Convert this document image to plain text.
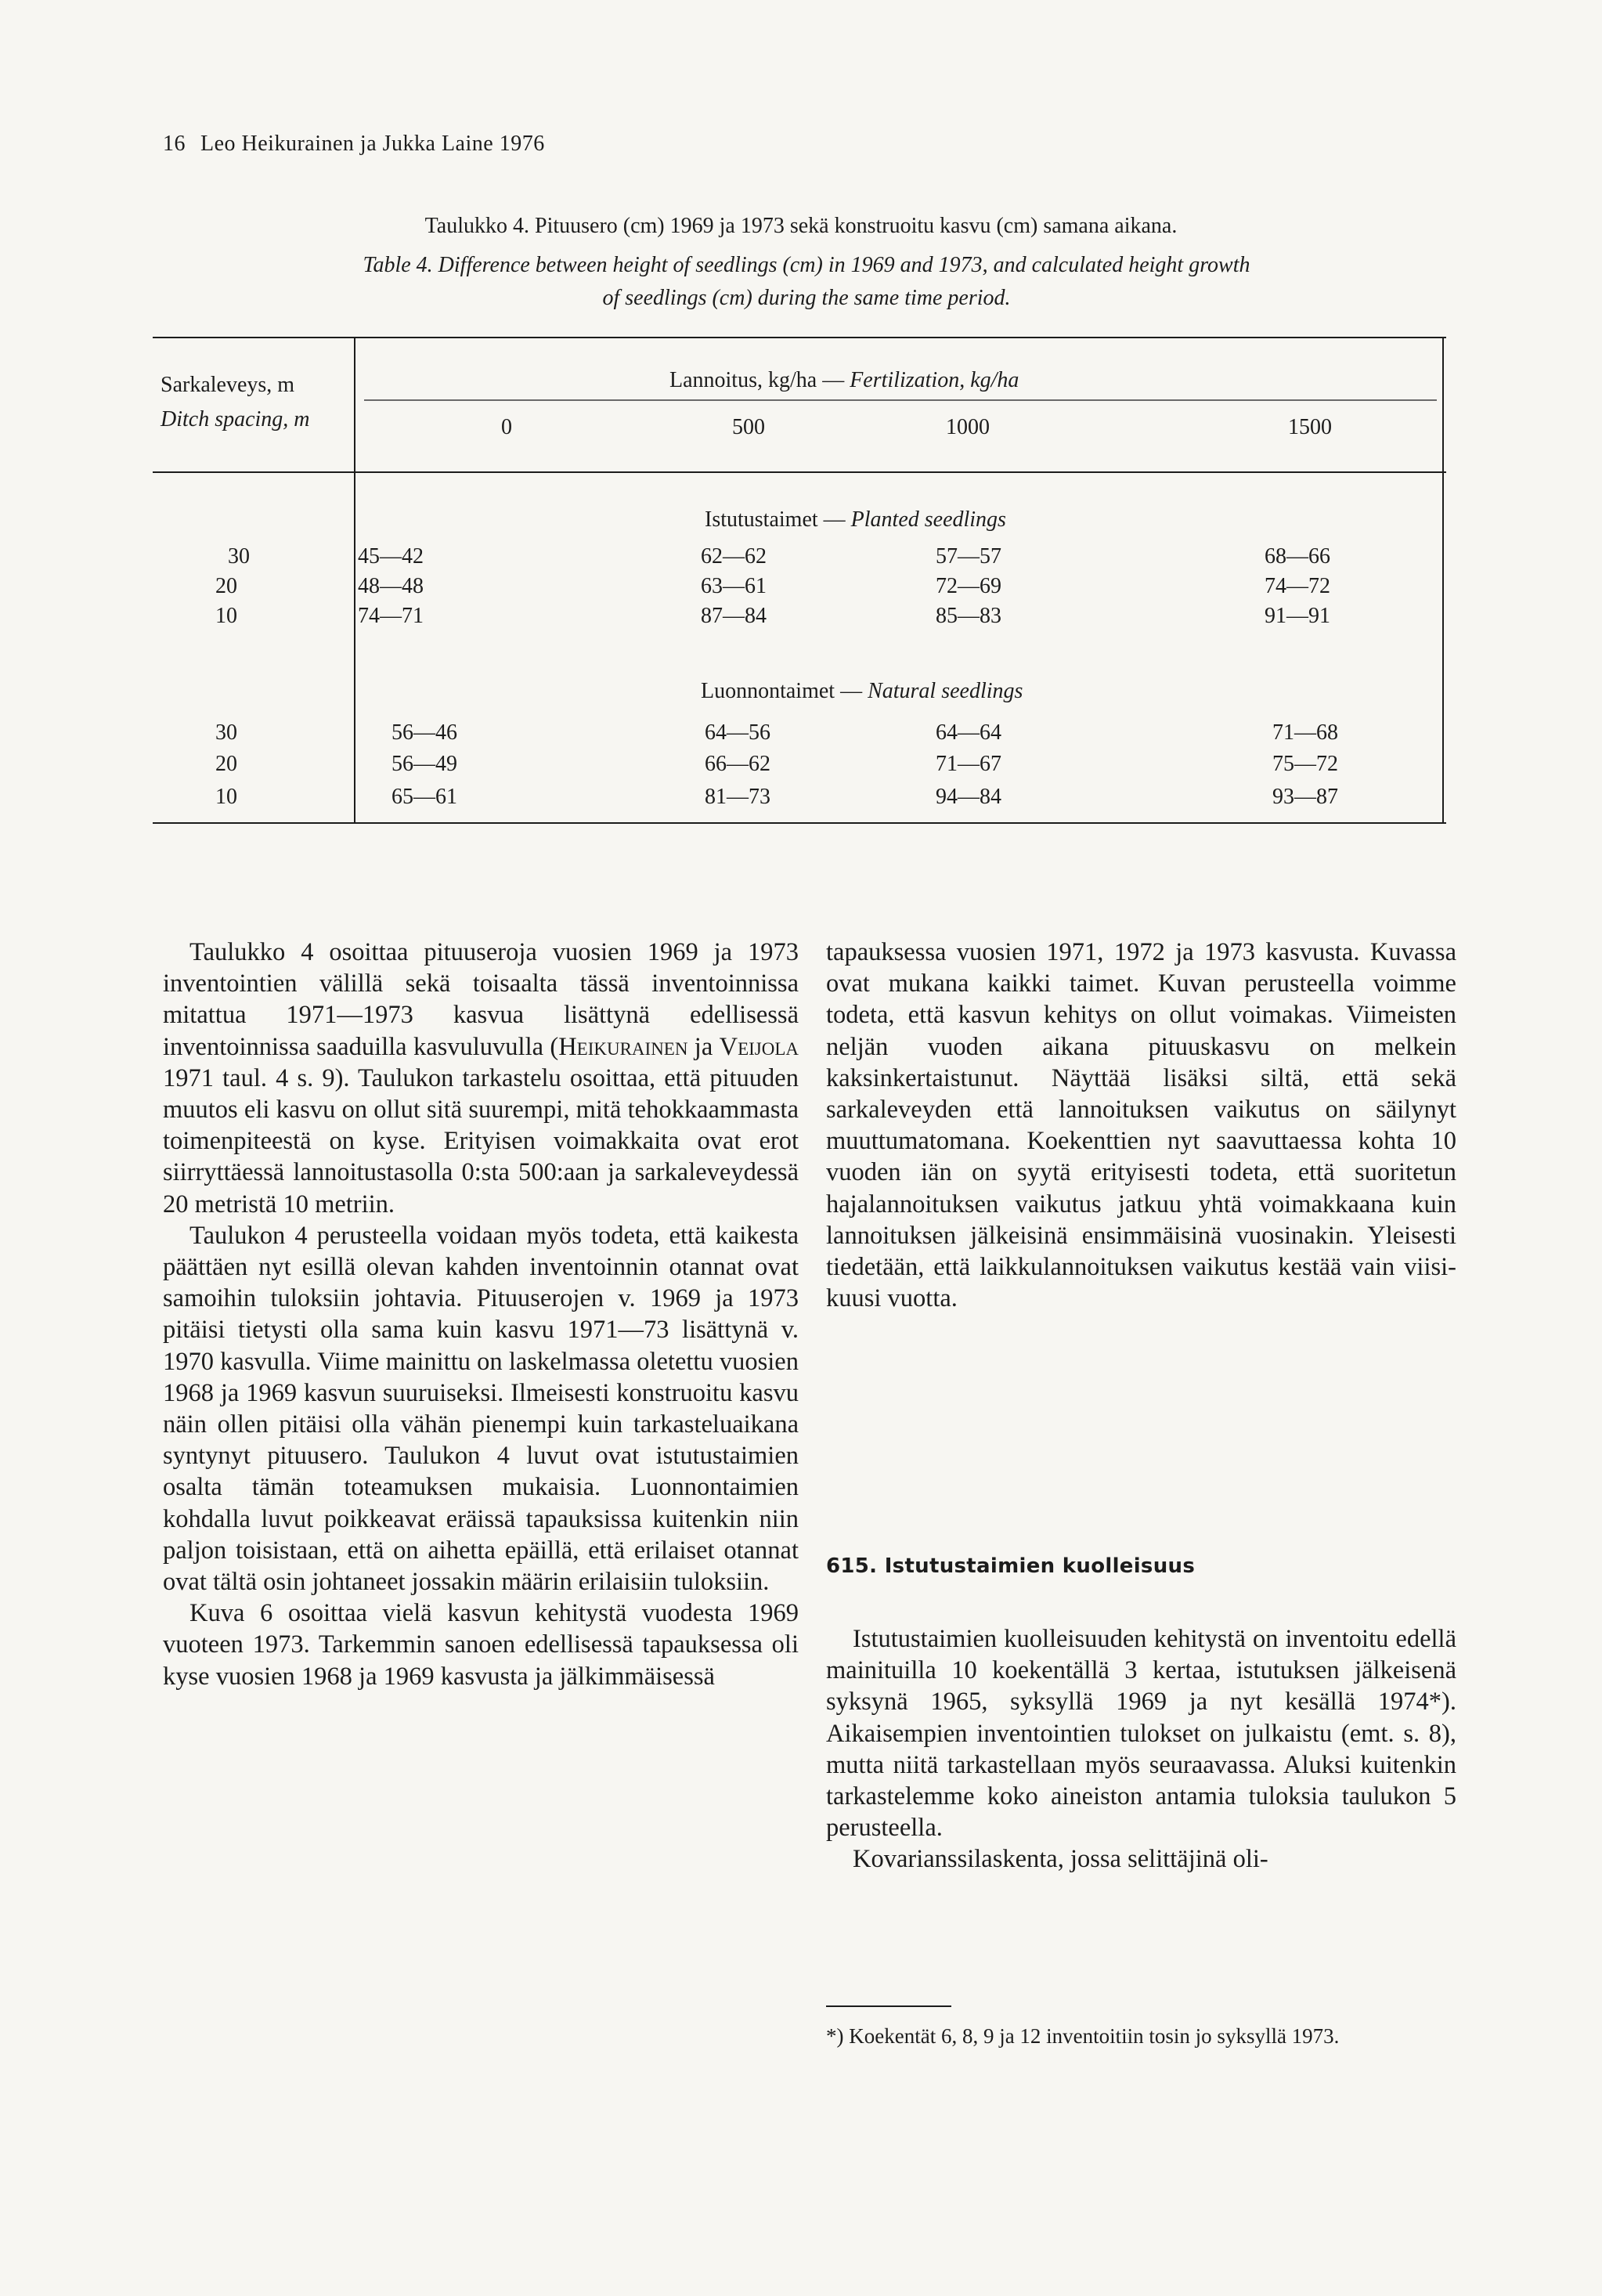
16 Leo Heikurainen ja Jukka Laine 1976
Taulukko 4. Pituusero (cm) 1969 ja 1973 sekä konstruoitu kasvu (cm) samana aikana.
Table 4. Difference between height of seedlings (cm) in 1969 and 1973, and calculated height growth
of seedlings (cm) during the same time period.
Sarkaleveys, m
Ditch spacing, m
Lannoitus, kg/ha — Fertilization, kg/ha
0	500	1000	1500
Istutustaimet — Planted seedlings
30	45—42	62—62	57—57	68—66
20	48—48	63—61	72—69	74—72
10	74—71	87—84	85—83	91—91
Luonnontaimet — Natural seedlings
30	56—46	64—56	64—64	71—68
20	56—49	66—62	71—67	75—72
10	65—61	81—73	94—84	93—87

Taulukko 4 osoittaa pituuseroja vuosien 1969 ja 1973 inventointien välillä sekä toisaalta tässä inventoinnissa mitattua 1971—1973 kasvua lisättynä edellisessä inventoinnissa saaduilla kasvuluvulla (Heikurainen ja Veijola 1971 taul. 4 s. 9). Taulukon tarkastelu osoittaa, että pituuden muutos eli kasvu on ollut sitä suurempi, mitä tehokkaammasta toimenpiteestä on kyse. Erityisen voimakkaita ovat erot siirryttäessä lannoitustasolla 0:sta 500:aan ja sarkaleveydessä 20 metristä 10 metriin.

Taulukon 4 perusteella voidaan myös todeta, että kaikesta päättäen nyt esillä olevan kahden inventoinnin otannat ovat samoihin tuloksiin johtavia. Pituuserojen v. 1969 ja 1973 pitäisi tietysti olla sama kuin kasvu 1971—73 lisättynä v. 1970 kasvulla. Viime mainittu on laskelmassa oletettu vuosien 1968 ja 1969 kasvun suuruiseksi. Ilmeisesti konstruoitu kasvu näin ollen pitäisi olla vähän pienempi kuin tarkasteluaikana syntynyt pituusero. Taulukon 4 luvut ovat istutustaimien osalta tämän toteamuksen mukaisia. Luonnontaimien kohdalla luvut poikkeavat eräissä tapauksissa kuitenkin niin paljon toisistaan, että on aihetta epäillä, että erilaiset otannat ovat tältä osin johtaneet jossakin määrin erilaisiin tuloksiin.

Kuva 6 osoittaa vielä kasvun kehitystä vuodesta 1969 vuoteen 1973. Tarkemmin sanoen edellisessä tapauksessa oli kyse vuosien 1968 ja 1969 kasvusta ja jälkimmäisessä

tapauksessa vuosien 1971, 1972 ja 1973 kasvusta. Kuvassa ovat mukana kaikki taimet. Kuvan perusteella voimme todeta, että kasvun kehitys on ollut voimakas. Viimeisten neljän vuoden aikana pituuskasvu on melkein kaksinkertaistunut. Näyttää lisäksi siltä, että sekä sarkaleveyden että lannoituksen vaikutus on säilynyt muuttumatomana. Koekenttien nyt saavuttaessa kohta 10 vuoden iän on syytä erityisesti todeta, että suoritetun hajalannoituksen vaikutus jatkuu yhtä voimakkaana kuin lannoituksen jälkeisinä ensimmäisinä vuosinakin. Yleisesti tiedetään, että laikkulannoituksen vaikutus kestää vain viisi-kuusi vuotta.

615. Istutustaimien kuolleisuus

Istutustaimien kuolleisuuden kehitystä on inventoitu edellä mainituilla 10 koekentällä 3 kertaa, istutuksen jälkeisenä syksynä 1965, syksyllä 1969 ja nyt kesällä 1974*). Aikaisempien inventointien tulokset on julkaistu (emt. s. 8), mutta niitä tarkastellaan myös seuraavassa. Aluksi kuitenkin tarkastelemme koko aineiston antamia tuloksia taulukon 5 perusteella.

Kovarianssilaskenta, jossa selittäjinä oli-

*) Koekentät 6, 8, 9 ja 12 inventoitiin tosin jo syksyllä 1973.
